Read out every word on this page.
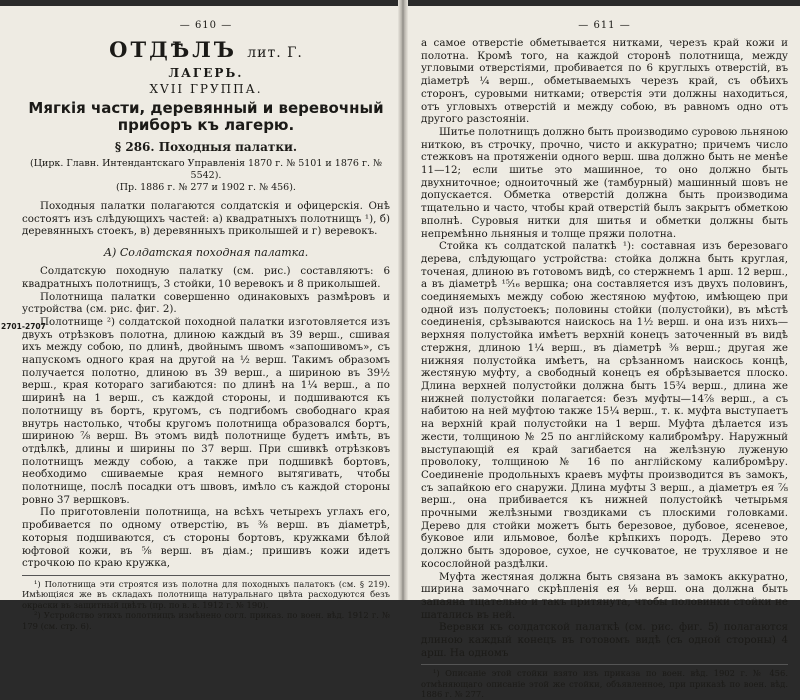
2701-2707
— 610 —
ОТДѢЛЪ лит. Г.
ЛАГЕРЬ.
XVII ГРУППА.
Мягкія части, деревянный и веревочный приборъ къ лагерю.
§ 286. Походныя палатки.

(Цирк. Главн. Интендантскаго Управленія 1870 г. № 5101 и 1876 г. № 5542).

(Пр. 1886 г. № 277 и 1902 г. № 456).

Походныя палатки полагаются солдатскія и офицерскія. Онѣ состоятъ изъ слѣдующихъ частей: а) квадратныхъ полотнищъ ¹), б) деревянныхъ стоекъ, в) деревянныхъ приколышей и г) веревокъ.

А) Солдатская походная палатка.

Солдатскую походную палатку (см. рис.) составляютъ: 6 квадратныхъ полотнищъ, 3 стойки, 10 веревокъ и 8 приколышей.

Полотнища палатки совершенно одинаковыхъ размѣровъ и устройства (см. рис. фиг. 2).

Полотнище ²) солдатской походной палатки изготовляется изъ двухъ отрѣзковъ полотна, длиною каждый въ 39 верш., сшивая ихъ между собою, по длинѣ, двойнымъ швомъ «запошивомъ», съ напускомъ одного края на другой на ½ верш. Такимъ образомъ получается полотно, длиною въ 39 верш., а шириною въ 39½ верш., края котораго загибаются: по длинѣ на 1¼ верш., а по ширинѣ на 1 верш., съ каждой стороны, и подшиваются къ полотнищу въ бортъ, кругомъ, съ подгибомъ свободнаго края внутрь настолько, чтобы кругомъ полотнища образовался бортъ, шириною ⅞ верш. Въ этомъ видѣ полотнище будетъ имѣть, въ отдѣлкѣ, длины и ширины по 37 верш. При сшивкѣ отрѣзковъ полотнищъ между собою, а также при подшивкѣ бортовъ, необходимо сшиваемые края немного вытягивать, чтобы полотнище, послѣ посадки отъ швовъ, имѣло съ каждой стороны ровно 37 вершковъ.

По приготовленіи полотнища, на всѣхъ четырехъ углахъ его, пробивается по одному отверстію, въ ⅜ верш. въ діаметрѣ, которыя подшиваются, съ стороны бортовъ, кружками бѣлой юфтовой кожи, въ ⅝ верш. въ діам.; пришивъ кожи идетъ строчкою по краю кружка,

¹) Полотнища эти строятся изъ полотна для походныхъ палатокъ (см. § 219). Имѣющіяся же въ складахъ полотнища натуральнаго цвѣта расходуются безъ окраски въ защитный цвѣтъ (пр. по в. в. 1912 г. № 190).

²) Устройство этихъ полотнищъ измѣнено согл. приказ. по воен. вѣд. 1912 г. № 179 (см. стр. 6).

— 611 —

а самое отверстіе обметывается нитками, черезъ край кожи и полотна. Кромѣ того, на каждой сторонѣ полотнища, между угловыми отверстіями, пробивается по 6 круглыхъ отверстій, въ діаметрѣ ¼ верш., обметываемыхъ черезъ край, съ обѣихъ сторонъ, суровыми нитками; отверстія эти должны находиться, отъ угловыхъ отверстій и между собою, въ равномъ одно отъ другого разстояніи.

Шитье полотнищъ должно быть производимо суровою льняною ниткою, въ строчку, прочно, чисто и аккуратно; причемъ число стежковъ на протяженіи одного верш. шва должно быть не менѣе 11—12; если шитье это машинное, то оно должно быть двухниточное; одноиточный же (тамбурный) машинный шовъ не допускается. Обметка отверстій должна быть производима тщательно и часто, чтобы край отверстій былъ закрытъ обметкою вполнѣ. Суровыя нитки для шитья и обметки должны быть непремѣнно льняныя и толще пряжи полотна.

Стойка къ солдатской палаткѣ ¹): составная изъ березоваго дерева, слѣдующаго устройства: стойка должна быть круглая, точеная, длиною въ готовомъ видѣ, со стержнемъ 1 арш. 12 верш., а въ діаметрѣ ¹⁵⁄₁₆ вершка; она составляется изъ двухъ половинъ, соединяемыхъ между собою жестяною муфтою, имѣющею при одной изъ полустоекъ; половины стойки (полустойки), въ мѣстѣ соединенія, срѣзываются наискось на 1½ верш. и она изъ нихъ—верхняя полустойка имѣетъ верхній конецъ заточенный въ видѣ стержня, длиною 1¼ верш., въ діаметрѣ ⅜ верш.; другая же нижняя полустойка имѣетъ, на срѣзанномъ наискось концѣ, жестяную муфту, а свободный конецъ ея обрѣзывается плоско. Длина верхней полустойки должна быть 15¾ верш., длина же нижней полустойки полагается: безъ муфты—14⅞ верш., а съ набитою на ней муфтою также 15¼ верш., т. к. муфта выступаетъ на верхній край полустойки на 1 верш. Муфта дѣлается изъ жести, толщиною № 25 по англійскому калибромѣру. Наружный выступающій ея край загибается на желѣзную луженую проволоку, толщиною № 16 по англійскому калибромѣру. Соединеніе продольныхъ краевъ муфты производится въ замокъ, съ запайкою его снаружи. Длина муфты 3 верш., а діаметръ ея ⁷⁄₈ верш., она прибивается къ нижней полустойкѣ четырьмя прочными желѣзными гвоздиками съ плоскими головками. Дерево для стойки можетъ быть березовое, дубовое, ясеневое, буковое или ильмовое, болѣе крѣпкихъ породъ. Дерево это должно быть здоровое, сухое, не сучковатое, не трухлявое и не косослойной раздѣлки.

Муфта жестяная должна быть связана въ замокъ аккуратно, ширина замочнаго скрѣпленія ея ⅛ верш. она должна быть запаяна тщательно и такъ притянута, чтобы половинки стойки не шатались въ ней.

Веревки къ солдатской палаткѣ (см. рис. фиг. 5) полагаются длиною каждый конецъ въ готовомъ видѣ (съ одной стороны) 4 арш. На одномъ

¹) Описаніе этой стойки взято изъ приказа по воен. вѣд. 1902 г. № 456. отмѣняющаго описаніе этой же стойки, объявленное, при приказѣ по воен. вѣд. 1886 г. № 277.
